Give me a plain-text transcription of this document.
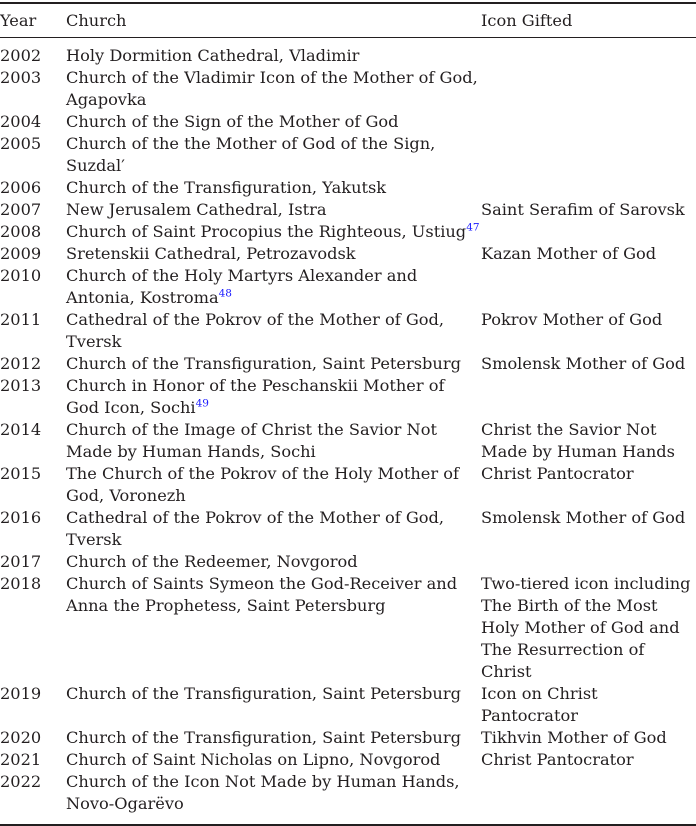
Year	Church	Icon Gifted
2002	Holy Dormition Cathedral, Vladimir	
2003	Church of the Vladimir Icon of the Mother of God, Agapovka	
2004	Church of the Sign of the Mother of God	
2005	Church of the the Mother of God of the Sign, Suzdal′	
2006	Church of the Transfiguration, Yakutsk	
2007	New Jerusalem Cathedral, Istra	Saint Serafim of Sarovsk
2008	Church of Saint Procopius the Righteous, Ustiug$^{47}$	
2009	Sretenskii Cathedral, Petrozavodsk	Kazan Mother of God
2010	Church of the Holy Martyrs Alexander and Antonia, Kostroma$^{48}$	
2011	Cathedral of the Pokrov of the Mother of God, Tversk	Pokrov Mother of God
2012	Church of the Transfiguration, Saint Petersburg	Smolensk Mother of God
2013	Church in Honor of the Peschanskii Mother of God Icon, Sochi$^{49}$	
2014	Church of the Image of Christ the Savior Not Made by Human Hands, Sochi	Christ the Savior Not Made by Human Hands
2015	The Church of the Pokrov of the Holy Mother of God, Voronezh	Christ Pantocrator
2016	Cathedral of the Pokrov of the Mother of God, Tversk	Smolensk Mother of God
2017	Church of the Redeemer, Novgorod	
2018	Church of Saints Symeon the God-Receiver and Anna the Prophetess, Saint Petersburg	Two-tiered icon including The Birth of the Most Holy Mother of God and The Resurrection of Christ
2019	Church of the Transfiguration, Saint Petersburg	Icon on Christ Pantocrator
2020	Church of the Transfiguration, Saint Petersburg	Tikhvin Mother of God
2021	Church of Saint Nicholas on Lipno, Novgorod	Christ Pantocrator
2022	Church of the Icon Not Made by Human Hands, Novo-Ogarëvo	
